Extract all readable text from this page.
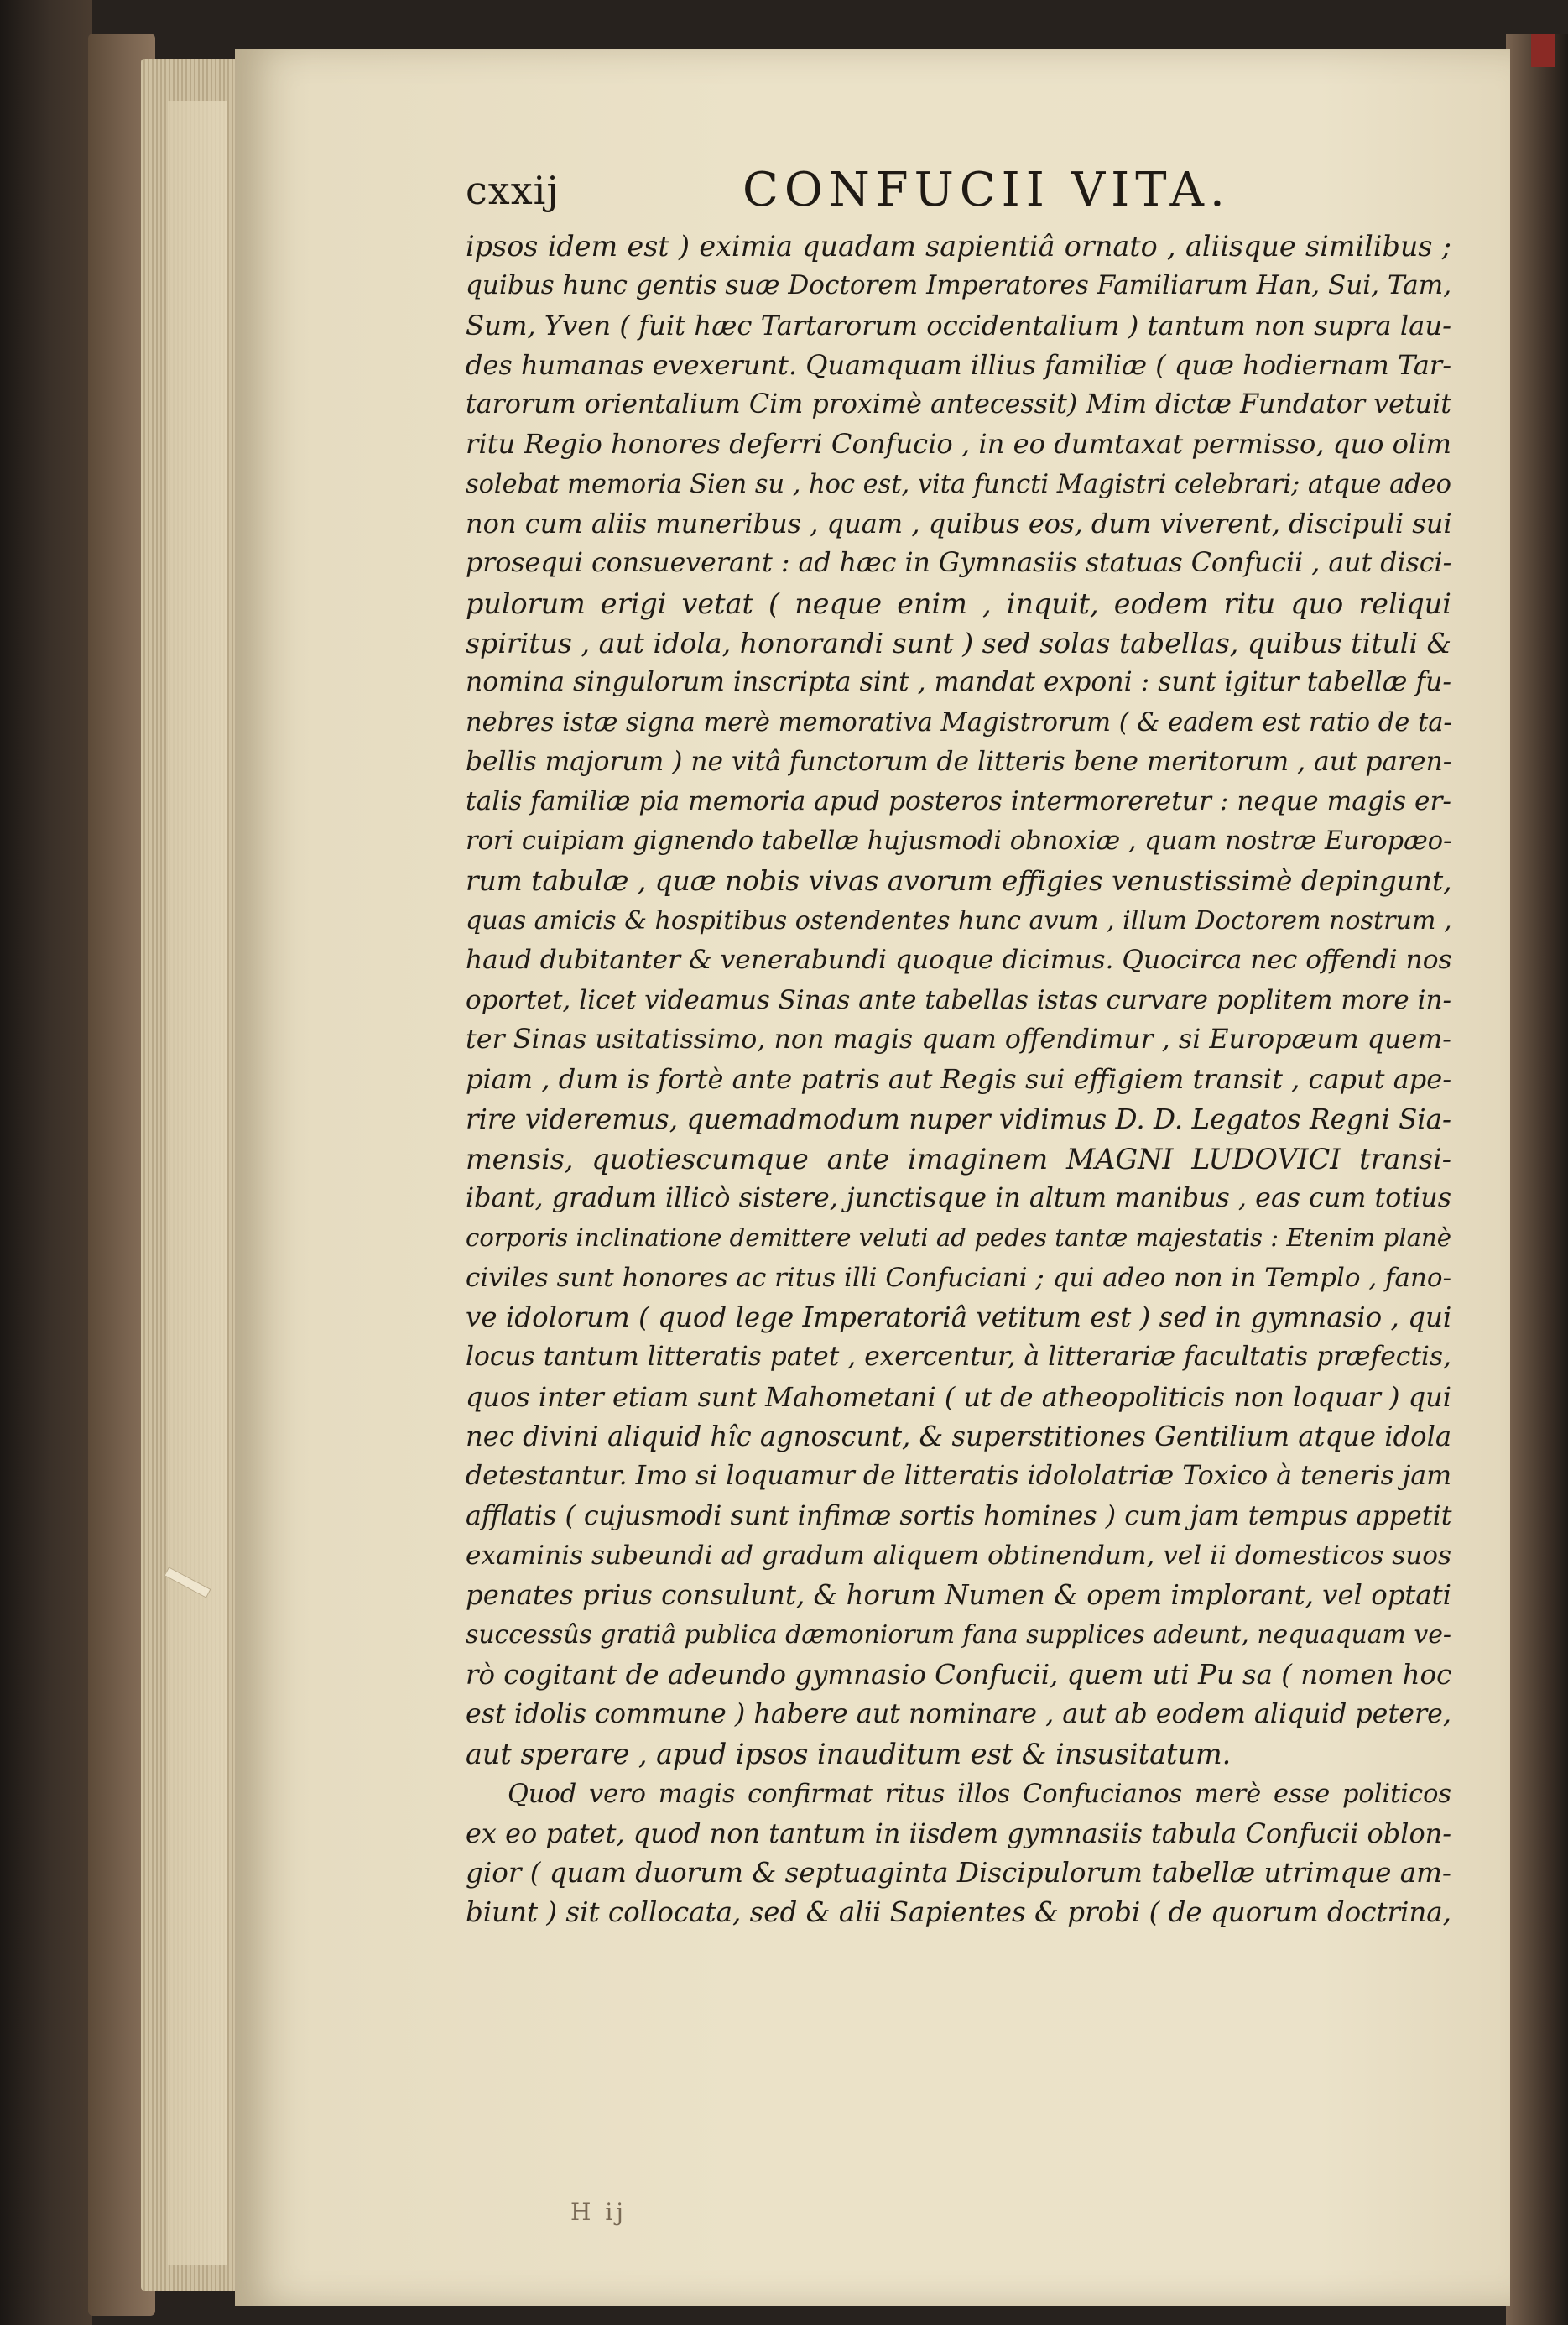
cxxij	CONFUCII VITA.
ipsos idem est ) eximia quadam sapientiâ ornato , aliisque similibus ;
quibus hunc gentis suæ Doctorem Imperatores Familiarum Han, Sui, Tam,
Sum, Yven ( fuit hæc Tartarorum occidentalium ) tantum non supra lau-
des humanas evexerunt. Quamquam illius familiæ ( quæ hodiernam Tar-
tarorum orientalium Cim proximè antecessit) Mim dictæ Fundator vetuit
ritu Regio honores deferri Confucio , in eo dumtaxat permisso, quo olim
solebat memoria Sien su , hoc est, vita functi Magistri celebrari; atque adeo
non cum aliis muneribus , quam , quibus eos, dum viverent, discipuli sui
prosequi consueverant : ad hæc in Gymnasiis statuas Confucii , aut disci-
pulorum erigi vetat ( neque enim , inquit, eodem ritu quo reliqui
spiritus , aut idola, honorandi sunt ) sed solas tabellas, quibus tituli &
nomina singulorum inscripta sint , mandat exponi : sunt igitur tabellæ fu-
nebres istæ signa merè memorativa Magistrorum ( & eadem est ratio de ta-
bellis majorum ) ne vitâ functorum de litteris bene meritorum , aut paren-
talis familiæ pia memoria apud posteros intermoreretur : neque magis er-
rori cuipiam gignendo tabellæ hujusmodi obnoxiæ , quam nostræ Europæo-
rum tabulæ , quæ nobis vivas avorum effigies venustissimè depingunt,
quas amicis & hospitibus ostendentes hunc avum , illum Doctorem nostrum ,
haud dubitanter & venerabundi quoque dicimus. Quocirca nec offendi nos
oportet, licet videamus Sinas ante tabellas istas curvare poplitem more in-
ter Sinas usitatissimo, non magis quam offendimur , si Europæum quem-
piam , dum is fortè ante patris aut Regis sui effigiem transit , caput ape-
rire videremus, quemadmodum nuper vidimus D. D. Legatos Regni Sia-
mensis, quotiescumque ante imaginem MAGNI LUDOVICI transi-
ibant, gradum illicò sistere, junctisque in altum manibus , eas cum totius
corporis inclinatione demittere veluti ad pedes tantæ majestatis : Etenim planè
civiles sunt honores ac ritus illi Confuciani ; qui adeo non in Templo , fano-
ve idolorum ( quod lege Imperatoriâ vetitum est ) sed in gymnasio , qui
locus tantum litteratis patet , exercentur, à litterariæ facultatis præfectis,
quos inter etiam sunt Mahometani ( ut de atheopoliticis non loquar ) qui
nec divini aliquid hîc agnoscunt, & superstitiones Gentilium atque idola
detestantur. Imo si loquamur de litteratis idololatriæ Toxico à teneris jam
afflatis ( cujusmodi sunt infimæ sortis homines ) cum jam tempus appetit
examinis subeundi ad gradum aliquem obtinendum, vel ii domesticos suos
penates prius consulunt, & horum Numen & opem implorant, vel optati
successûs gratiâ publica dæmoniorum fana supplices adeunt, nequaquam ve-
rò cogitant de adeundo gymnasio Confucii, quem uti Pu sa ( nomen hoc
est idolis commune ) habere aut nominare , aut ab eodem aliquid petere,
aut sperare , apud ipsos inauditum est & insusitatum.
Quod vero magis confirmat ritus illos Confucianos merè esse politicos
ex eo patet, quod non tantum in iisdem gymnasiis tabula Confucii oblon-
gior ( quam duorum & septuaginta Discipulorum tabellæ utrimque am-
biunt ) sit collocata, sed & alii Sapientes & probi ( de quorum doctrina,
H ij
